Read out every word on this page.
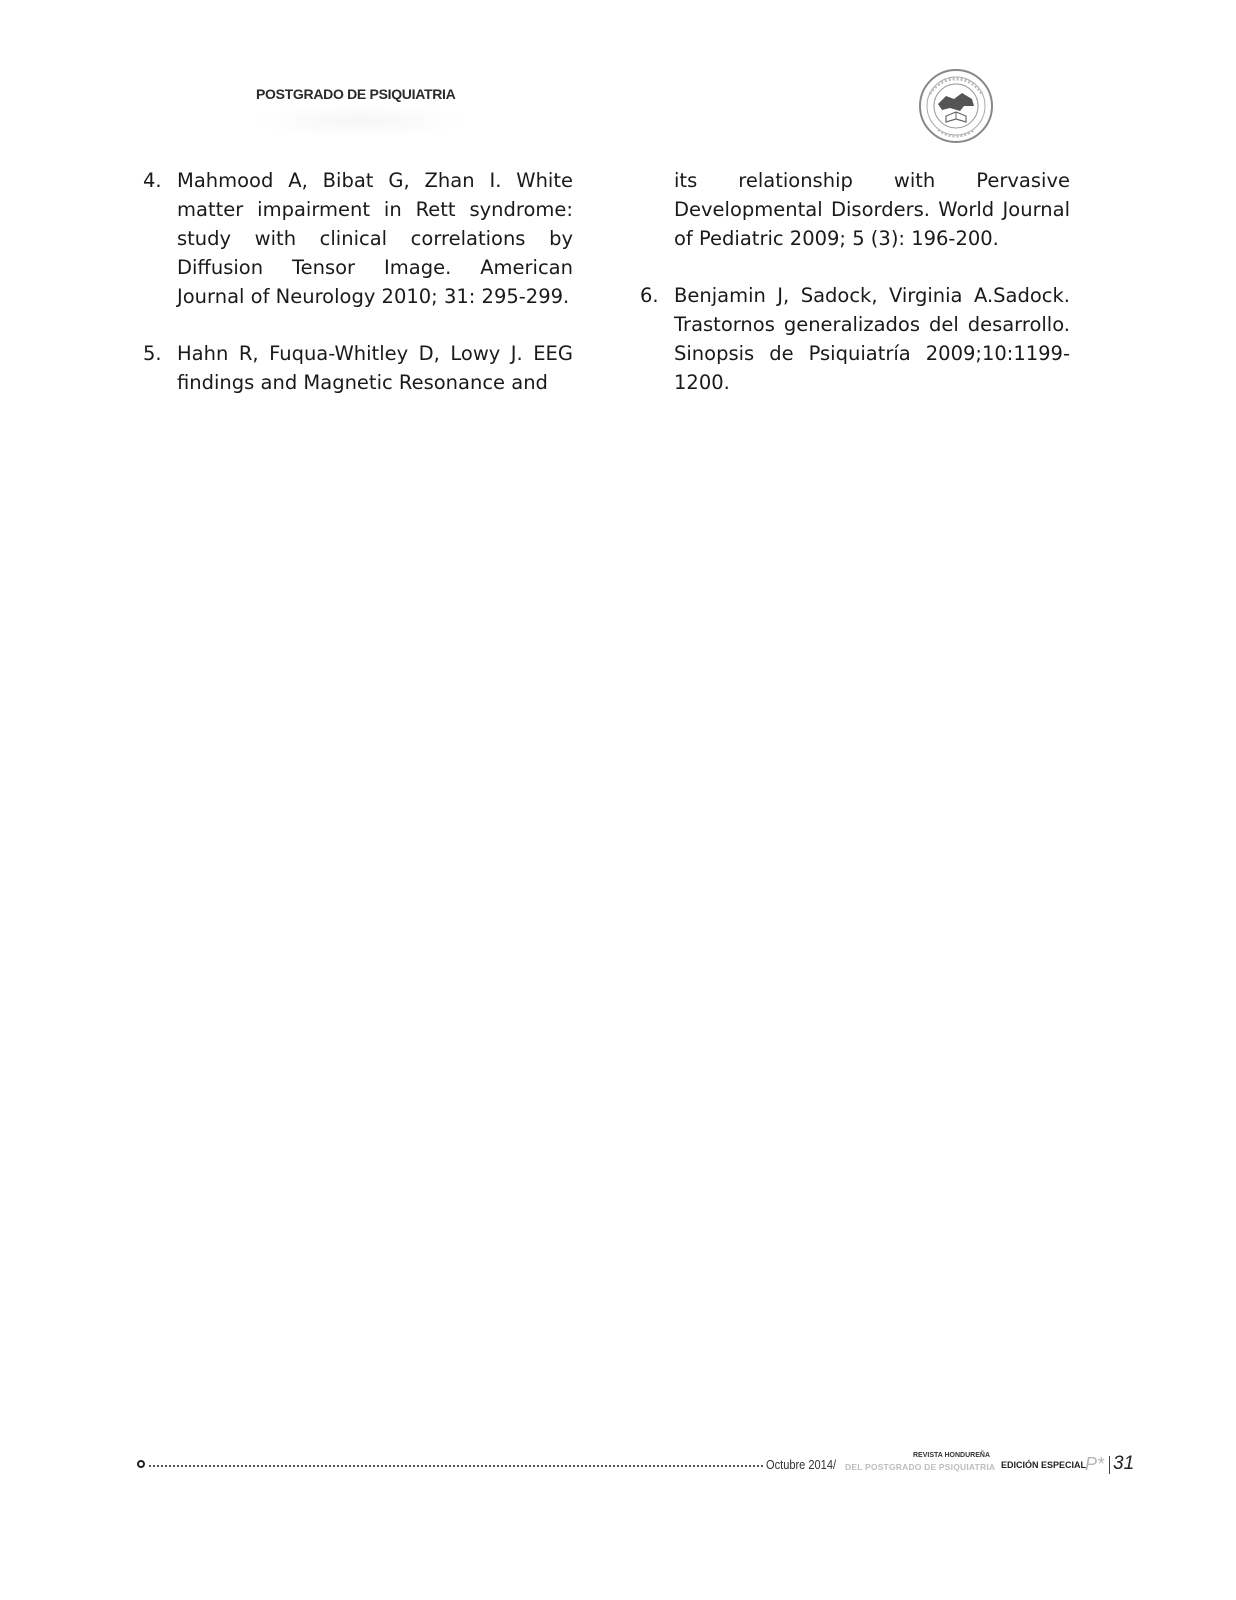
POSTGRADO DE PSIQUIATRIA
4. Mahmood A, Bibat G, Zhan I. White matter impairment in Rett syndrome: study with clinical correlations by Diffusion Tensor Image. American Journal of Neurology 2010; 31: 295-299.
5. Hahn R, Fuqua-Whitley D, Lowy J. EEG findings and Magnetic Resonance and
its relationship with Pervasive Developmental Disorders. World Journal of Pediatric 2009; 5 (3): 196-200.
6. Benjamin J, Sadock, Virginia A.Sadock. Trastornos generalizados del desarrollo. Sinopsis de Psiquiatría 2009;10:1199-1200.
Octubre 2014/
REVISTA HONDUREÑA
DEL POSTGRADO DE PSIQUIATRIA EDICIÓN ESPECIAL
P* 31
